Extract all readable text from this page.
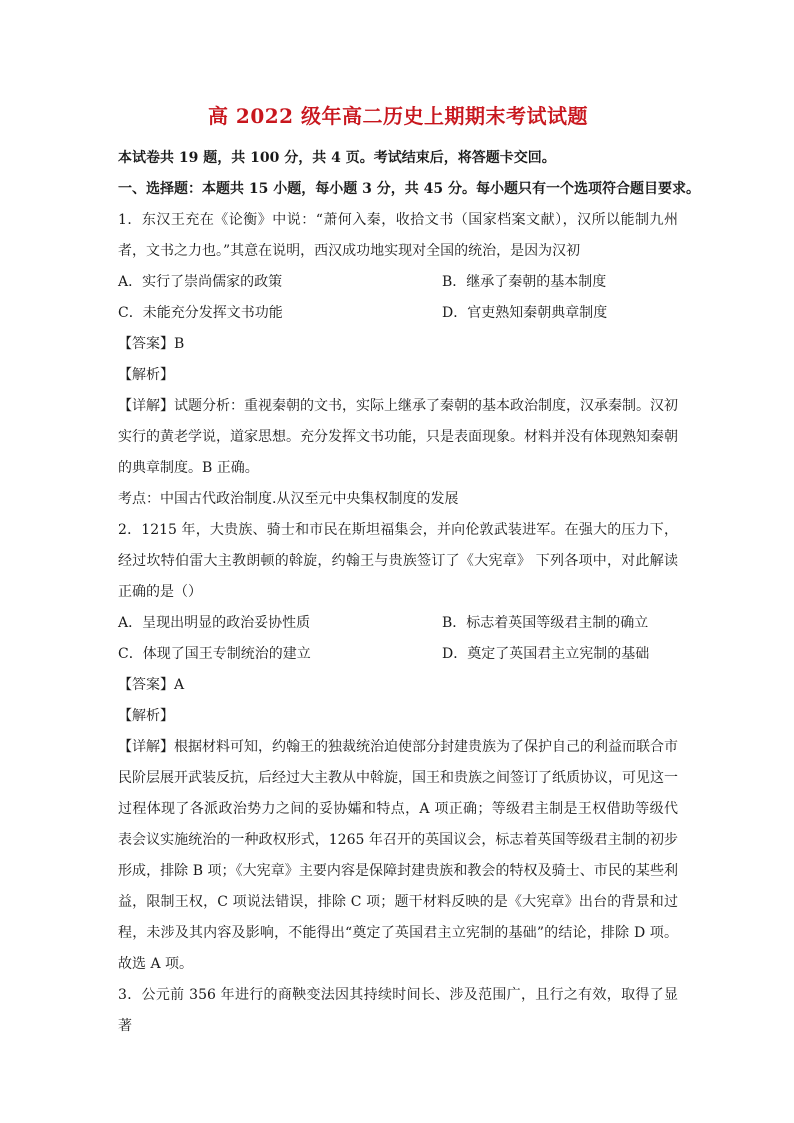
高 2022 级年高二历史上期期末考试试题
本试卷共 19 题，共 100 分，共 4 页。考试结束后，将答题卡交回。
一、选择题：本题共 15 小题，每小题 3 分，共 45 分。每小题只有一个选项符合题目要求。

1．东汉王充在《论衡》中说：“萧何入秦，收拾文书（国家档案文献），汉所以能制九州者，文书之力也。”其意在说明，西汉成功地实现对全国的统治，是因为汉初

A．实行了崇尚儒家的政策	B．继承了秦朝的基本制度
C．未能充分发挥文书功能	D．官吏熟知秦朝典章制度
【答案】B
【解析】

【详解】试题分析：重视秦朝的文书，实际上继承了秦朝的基本政治制度，汉承秦制。汉初实行的黄老学说，道家思想。充分发挥文书功能，只是表面现象。材料并没有体现熟知秦朝的典章制度。B 正确。

考点：中国古代政治制度.从汉至元中央集权制度的发展

2．1215 年，大贵族、骑士和市民在斯坦福集会，并向伦敦武装进军。在强大的压力下，经过坎特伯雷大主教朗顿的斡旋，约翰王与贵族签订了《大宪章》 下列各项中，对此解读正确的是（）

A．呈现出明显的政治妥协性质	B．标志着英国等级君主制的确立
C．体现了国王专制统治的建立	D．奠定了英国君主立宪制的基础
【答案】A
【解析】

【详解】根据材料可知，约翰王的独裁统治迫使部分封建贵族为了保护自己的利益而联合市民阶层展开武装反抗，后经过大主教从中斡旋，国王和贵族之间签订了纸质协议，可见这一过程体现了各派政治势力之间的妥协孀和特点，A 项正确；等级君主制是王权借助等级代表会议实施统治的一种政权形式，1265 年召开的英国议会，标志着英国等级君主制的初步形成，排除 B 项；《大宪章》主要内容是保障封建贵族和教会的特权及骑士、市民的某些利益，限制王权，C 项说法错误，排除 C 项；题干材料反映的是《大宪章》出台的背景和过程，未涉及其内容及影响，不能得出“奠定了英国君主立宪制的基础”的结论，排除 D 项。故选 A 项。

3．公元前 356 年进行的商鞅变法因其持续时间长、涉及范围广，且行之有效，取得了显著
